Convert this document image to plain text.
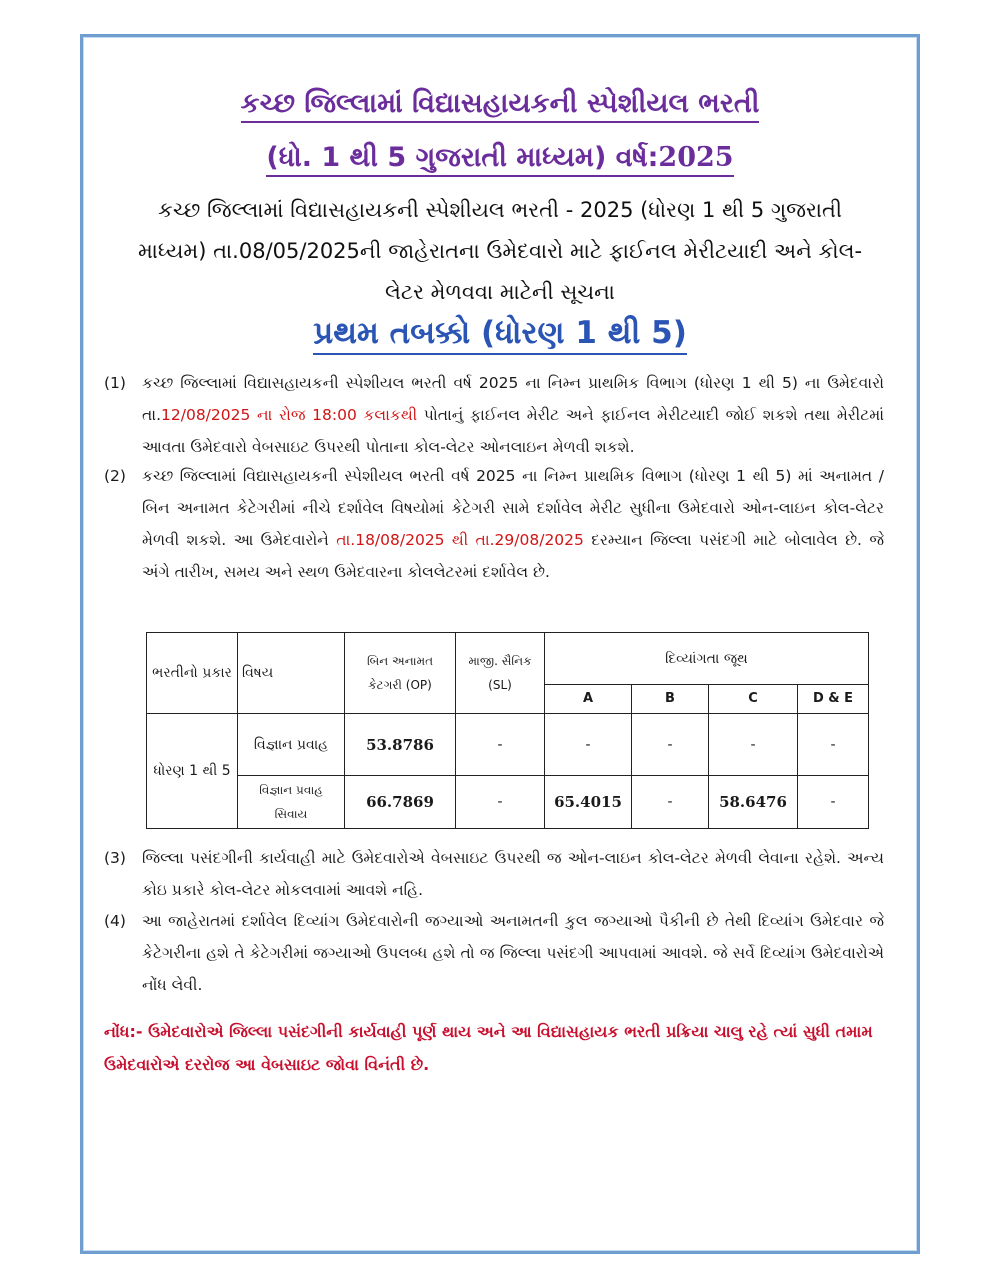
કચ્છ જિલ્લામાં વિદ્યાસહાયકની સ્પેશીયલ ભરતી
(ધો. 1 થી 5 ગુજરાતી માધ્યમ) વર્ષ:2025
કચ્છ જિલ્લામાં વિદ્યાસહાયકની સ્પેશીયલ ભરતી - 2025 (ધોરણ 1 થી 5 ગુજરાતી
માધ્યમ) તા.08/05/2025ની જાહેરાતના ઉમેદવારો માટે ફાઈનલ મેરીટયાદી અને કોલ-
લેટર મેળવવા માટેની સૂચના
પ્રથમ તબક્કો (ધોરણ 1 થી 5)
(1)	કચ્છ જિલ્લામાં વિદ્યાસહાયકની સ્પેશીયલ ભરતી વર્ષ 2025 ના નિમ્ન પ્રાથમિક વિભાગ (ધોરણ 1 થી 5) ના ઉમેદવારો તા.12/08/2025 ના રોજ 18:00 કલાકથી પોતાનું ફાઈનલ મેરીટ અને ફાઈનલ મેરીટયાદી જોઈ શકશે તથા મેરીટમાં આવતા ઉમેદવારો વેબસાઇટ ઉપરથી પોતાના કોલ-લેટર ઓનલાઇન મેળવી શકશે.
(2)	કચ્છ જિલ્લામાં વિદ્યાસહાયકની સ્પેશીયલ ભરતી વર્ષ 2025 ના નિમ્ન પ્રાથમિક વિભાગ (ધોરણ 1 થી 5) માં અનામત / બિન અનામત કેટેગરીમાં નીચે દર્શાવેલ વિષયોમાં કેટેગરી સામે દર્શાવેલ મેરીટ સુધીના ઉમેદવારો ઓન-લાઇન કોલ-લેટર મેળવી શકશે. આ ઉમેદવારોને તા.18/08/2025 થી તા.29/08/2025 દરમ્યાન જિલ્લા પસંદગી માટે બોલાવેલ છે. જે અંગે તારીખ, સમય અને સ્થળ ઉમેદવારના કોલલેટરમાં દર્શાવેલ છે.
ભરતીનો પ્રકાર	વિષય	બિન અનામત કેટગરી (OP)	માજી. સૈનિક (SL)	દિવ્યાંગતા જૂથ			
				A	B	C	D & E
ધોરણ 1 થી 5	વિજ્ઞાન પ્રવાહ	53.8786	-	-	-	-	-
	વિજ્ઞાન પ્રવાહ સિવાય	66.7869	-	65.4015	-	58.6476	-
(3)	જિલ્લા પસંદગીની કાર્યવાહી માટે ઉમેદવારોએ વેબસાઇટ ઉપરથી જ ઓન-લાઇન કોલ-લેટર મેળવી લેવાના રહેશે. અન્ય કોઇ પ્રકારે કોલ-લેટર મોકલવામાં આવશે નહિ.
(4)	આ જાહેરાતમાં દર્શાવેલ દિવ્યાંગ ઉમેદવારોની જગ્યાઓ અનામતની કુલ જગ્યાઓ પૈકીની છે તેથી દિવ્યાંગ ઉમેદવાર જે કેટેગરીના હશે તે કેટેગરીમાં જગ્યાઓ ઉપલબ્ધ હશે તો જ જિલ્લા પસંદગી આપવામાં આવશે. જે સર્વે દિવ્યાંગ ઉમેદવારોએ નોંધ લેવી.
નોંધ:- ઉમેદવારોએ જિલ્લા પસંદગીની કાર્યવાહી પૂર્ણ થાય અને આ વિદ્યાસહાયક ભરતી પ્રક્રિયા ચાલુ રહે ત્યાં સુધી તમામ ઉમેદવારોએ દરરોજ આ વેબસાઇટ જોવા વિનંતી છે.
